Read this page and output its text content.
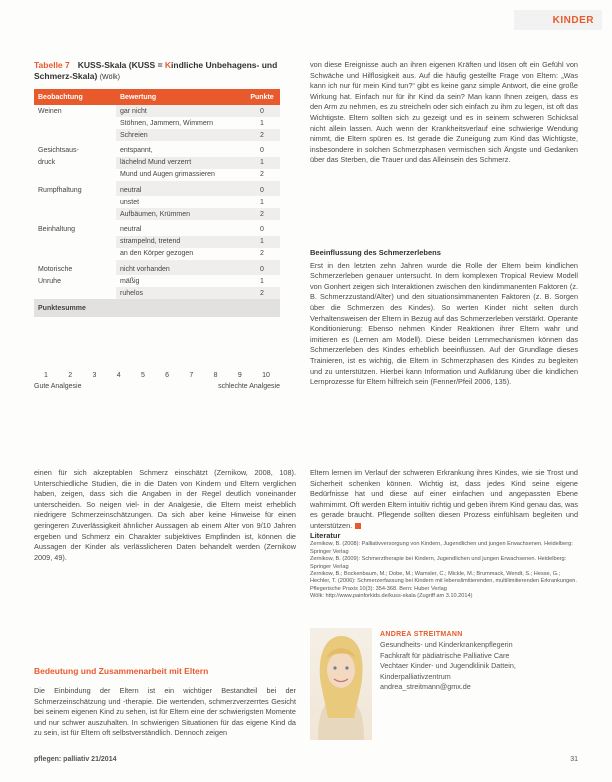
KINDER
Tabelle 7 KUSS-Skala (KUSS = Kindliche Unbehagens- und Schmerz-Skala) (Wölk)
Beobachtung	Bewertung	Punkte
Weinen	gar nicht	0
	Stöhnen, Jammern, Wimmern	1
	Schreien	2
Gesichtsaus-	entspannt,	0
druck	lächelnd Mund verzerrt	1
	Mund und Augen grimassieren	2
Rumpfhaltung	neutral	0
	unstet	1
	Aufbäumen, Krümmen	2
Beinhaltung	neutral	0
	strampelnd, tretend	1
	an den Körper gezogen	2
Motorische	nicht vorhanden	0
Unruhe	mäßig	1
	ruhelos	2
Punktesumme		

1	2	3	4	5	6	7	8	9	10
Gute Analgesie	schlechte Analgesie

einen für sich akzeptablen Schmerz einschätzt (Zernikow, 2008, 108). Unterschiedliche Studien, die in die Daten von Kindern und Eltern verglichen haben, zeigen, dass sich die Angaben in der Regel deutlich voneinander unterscheiden. So neigen viel- in der Analgesie, die Eltern meist erheblich niedrigere Schmerzeinschätzungen. Da sich aber keine Hinweise für einen geringeren Zuverlässigkeit ähnlicher Aussagen ab einem Alter von 9/10 Jahren ergeben und Schmerz ein Charakter subjektives Empfinden ist, können die Aussagen der Kinder als verlässlicheren Daten behandelt werden (Zernikow 2009, 49).

Bedeutung und Zusammenarbeit mit Eltern

Die Einbindung der Eltern ist ein wichtiger Bestandteil bei der Schmerzeinschätzung und -therapie. Die wertenden, schmerzverzerrtes Gesicht bei seinem eigenen Kind zu sehen, ist für Eltern eine der schwierigsten Momente und nur schwer auszuhalten. In schwierigen Situationen für das eigene Kind da zu sein, ist für Eltern oft selbstverständlich. Dennoch zeigen

von diese Ereignisse auch an ihren eigenen Kräften und lösen oft ein Gefühl von Schwäche und Hilflosigkeit aus. Auf die häufig gestellte Frage von Eltern: „Was kann ich nur für mein Kind tun?“ gibt es keine ganz simple Antwort, die eine große Wirkung hat. Einfach nur für ihr Kind da sein? Man kann Ihnen zeigen, dass es den Arm zu nehmen, es zu streicheln oder sich einfach zu ihm zu legen, ist oft das Wichtigste. Eltern sollten sich zu gezeigt und es in seinem schweren Schicksal nicht allein lassen. Auch wenn der Krankheitsverlauf eine schwierige Wendung nimmt, die Eltern spüren es. Ist gerade die Zuneigung zum Kind das Wichtigste, insbesondere in solchen Schmerzphasen vermischen sich Ängste und Gedanken über das Sterben, die Trauer und das Alleinsein des Schmerz.

Beeinflussung des Schmerzerlebens

Erst in den letzten zehn Jahren wurde die Rolle der Eltern beim kindlichen Schmerzerleben genauer untersucht. In dem komplexen Tropical Review Modell von Gonhert zeigen sich Interaktionen zwischen den kindimmanenten Faktoren (z. B. Schmerzzustand/Alter) und den situationsimmanenten Faktoren (z. B. Sorgen über die Schmerzen des Kindes). So werten Kinder nicht selten durch Verhaltensweisen der Eltern in Bezug auf das Schmerzerleben verstärkt. Operante Konditionierung: Ebenso nehmen Kinder Reaktionen ihrer Eltern wahr und imitieren es (Lernen am Modell). Diese beiden Lernmechanismen können das Schmerzerleben des Kindes erheblich beeinflussen. Auf der Grundlage dieses Trainieren, ist es wichtig, die Eltern in Schmerzphasen des Kindes zu begleiten und zu unterstützen. Hierbei kann Information und Aufklärung über die kindlichen Lernprozesse für Eltern hilfreich sein (Fenner/Pfeil 2006, 135).

Eltern lernen im Verlauf der schweren Erkrankung ihres Kindes, wie sie Trost und Sicherheit schenken können. Wichtig ist, dass jedes Kind seine eigene Bedürfnisse hat und diese auf einer einfachen und angepassten Ebene wahrnimmt. Oft werden Eltern intuitiv richtig und geben ihrem Kind genau das, was es gerade braucht. Pflegende sollten diesen Prozess einfühlsam begleiten und unterstützen.

Literatur
Zernikow, B. (2008): Palliativversorgung von Kindern, Jugendlichen und jungen Erwachsenen. Heidelberg: Springer Verlag
Zernikow, B. (2009): Schmerztherapie bei Kindern, Jugendlichen und jungen Erwachsenen. Heidelberg: Springer Verlag
Zernikow, B.; Bockenbaum, M.; Dobe, M.; Wamsler, C.; Mickle, M.; Brummack, Wendt, S.; Hesse, G.; Hechler, T. (2006): Schmerzerfassung bei Kindern mit lebenslimitierenden, multilimitierenden Erkrankungen. Pflegerische Praxis 10(3): 354-368. Bern: Huber Verlag
Wölk: http://www.painforkids.de/kuss-skala (Zugriff am 3.10.2014)
ANDREA STREITMANN
Gesundheits- und Kinderkrankenpflegerin
Fachkraft für pädiatrische Palliative Care
Vechtaer Kinder- und Jugendklinik Dattein,
Kinderpalliativzentrum
andrea_streitmann@gmx.de
pflegen: palliativ 21/2014	31
